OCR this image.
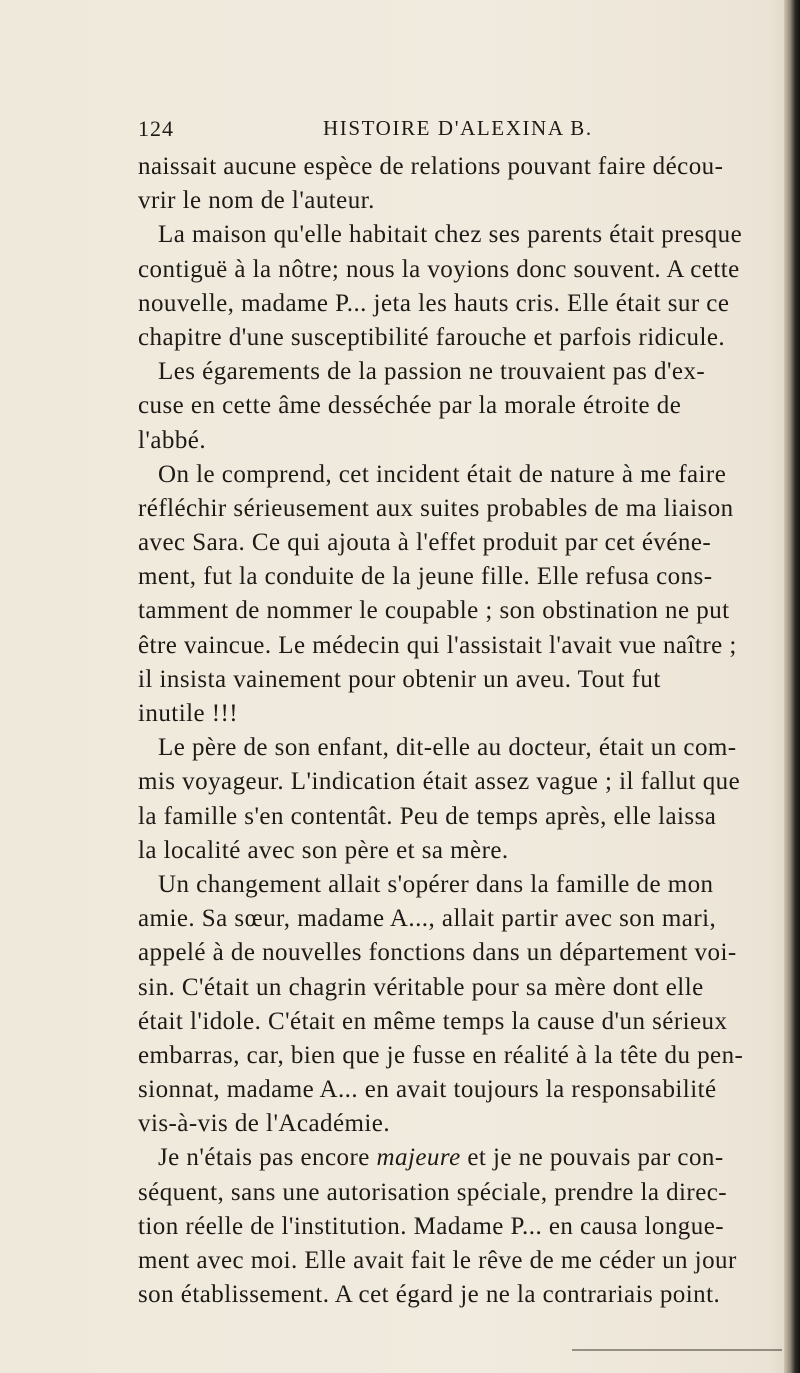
124	HISTOIRE D'ALEXINA B.
naissait aucune espèce de relations pouvant faire décou-
vrir le nom de l'auteur.
La maison qu'elle habitait chez ses parents était presque
contiguë à la nôtre; nous la voyions donc souvent. A cette
nouvelle, madame P... jeta les hauts cris. Elle était sur ce
chapitre d'une susceptibilité farouche et parfois ridicule.
Les égarements de la passion ne trouvaient pas d'ex-
cuse en cette âme desséchée par la morale étroite de
l'abbé.
On le comprend, cet incident était de nature à me faire
réfléchir sérieusement aux suites probables de ma liaison
avec Sara. Ce qui ajouta à l'effet produit par cet événe-
ment, fut la conduite de la jeune fille. Elle refusa cons-
tamment de nommer le coupable ; son obstination ne put
être vaincue. Le médecin qui l'assistait l'avait vue naître ;
il insista vainement pour obtenir un aveu. Tout fut
inutile !!!
Le père de son enfant, dit-elle au docteur, était un com-
mis voyageur. L'indication était assez vague ; il fallut que
la famille s'en contentât. Peu de temps après, elle laissa
la localité avec son père et sa mère.
Un changement allait s'opérer dans la famille de mon
amie. Sa sœur, madame A..., allait partir avec son mari,
appelé à de nouvelles fonctions dans un département voi-
sin. C'était un chagrin véritable pour sa mère dont elle
était l'idole. C'était en même temps la cause d'un sérieux
embarras, car, bien que je fusse en réalité à la tête du pen-
sionnat, madame A... en avait toujours la responsabilité
vis-à-vis de l'Académie.
Je n'étais pas encore majeure et je ne pouvais par con-
séquent, sans une autorisation spéciale, prendre la direc-
tion réelle de l'institution. Madame P... en causa longue-
ment avec moi. Elle avait fait le rêve de me céder un jour
son établissement. A cet égard je ne la contrariais point.
